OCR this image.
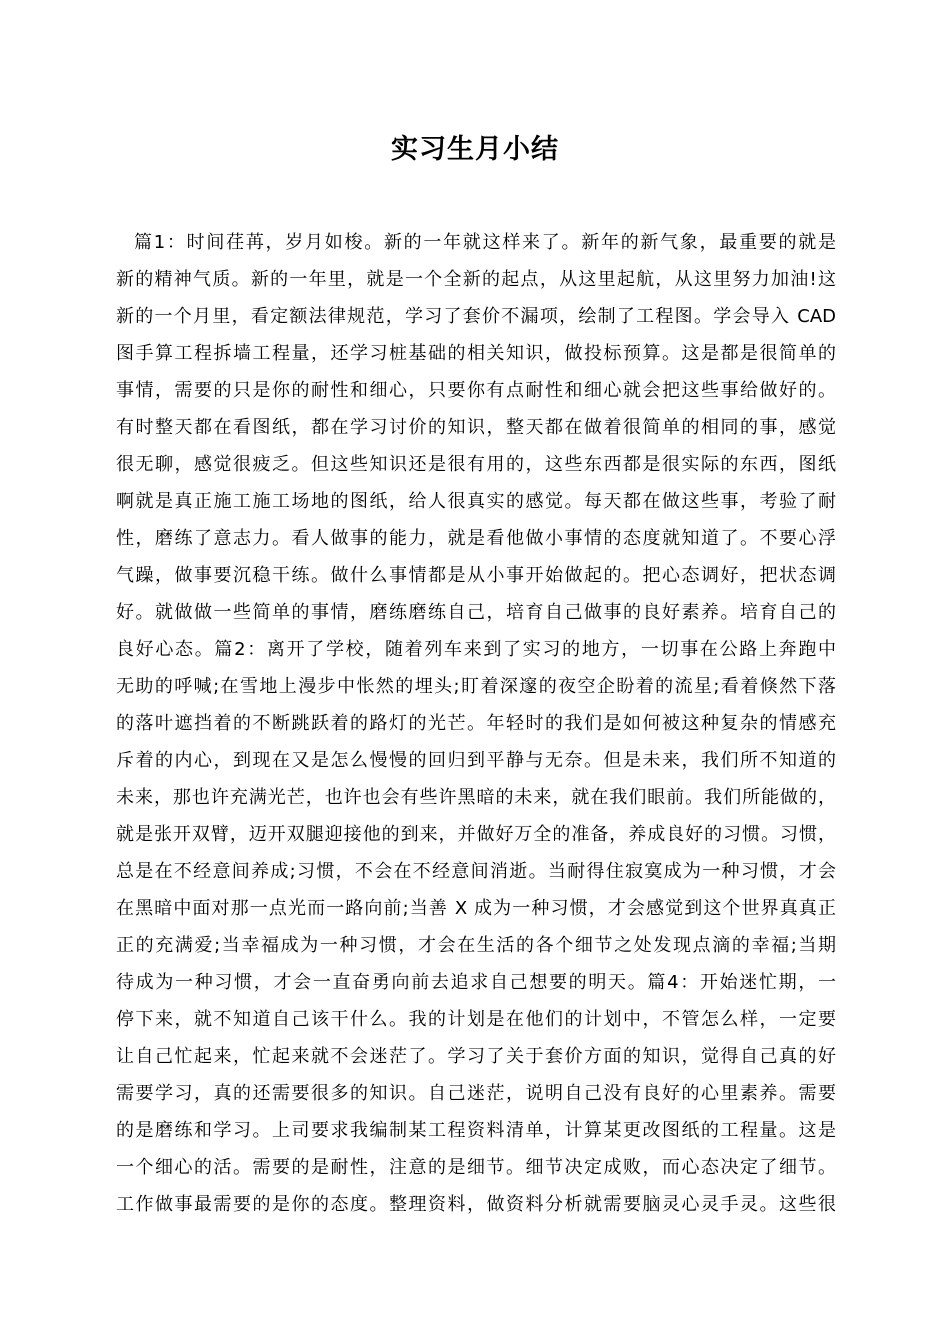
实习生月小结
篇1：时间荏苒，岁月如梭。新的一年就这样来了。新年的新气象，最重要的就是
新的精神气质。新的一年里，就是一个全新的起点，从这里起航，从这里努力加油!这
新的一个月里，看定额法律规范，学习了套价不漏项，绘制了工程图。学会导入 CAD
图手算工程拆墙工程量，还学习桩基础的相关知识，做投标预算。这是都是很简单的
事情，需要的只是你的耐性和细心，只要你有点耐性和细心就会把这些事给做好的。
有时整天都在看图纸，都在学习讨价的知识，整天都在做着很简单的相同的事，感觉
很无聊，感觉很疲乏。但这些知识还是很有用的，这些东西都是很实际的东西，图纸
啊就是真正施工施工场地的图纸，给人很真实的感觉。每天都在做这些事，考验了耐
性，磨练了意志力。看人做事的能力，就是看他做小事情的态度就知道了。不要心浮
气躁，做事要沉稳干练。做什么事情都是从小事开始做起的。把心态调好，把状态调
好。就做做一些简单的事情，磨练磨练自己，培育自己做事的良好素养。培育自己的
良好心态。篇2：离开了学校，随着列车来到了实习的地方，一切事在公路上奔跑中
无助的呼喊;在雪地上漫步中怅然的埋头;盯着深邃的夜空企盼着的流星;看着倏然下落
的落叶遮挡着的不断跳跃着的路灯的光芒。年轻时的我们是如何被这种复杂的情感充
斥着的内心，到现在又是怎么慢慢的回归到平静与无奈。但是未来，我们所不知道的
未来，那也许充满光芒，也许也会有些许黑暗的未来，就在我们眼前。我们所能做的，
就是张开双臂，迈开双腿迎接他的到来，并做好万全的准备，养成良好的习惯。习惯，
总是在不经意间养成;习惯，不会在不经意间消逝。当耐得住寂寞成为一种习惯，才会
在黑暗中面对那一点光而一路向前;当善 X 成为一种习惯，才会感觉到这个世界真真正
正的充满爱;当幸福成为一种习惯，才会在生活的各个细节之处发现点滴的幸福;当期
待成为一种习惯，才会一直奋勇向前去追求自己想要的明天。篇4：开始迷忙期，一
停下来，就不知道自己该干什么。我的计划是在他们的计划中，不管怎么样，一定要
让自己忙起来，忙起来就不会迷茫了。学习了关于套价方面的知识，觉得自己真的好
需要学习，真的还需要很多的知识。自己迷茫，说明自己没有良好的心里素养。需要
的是磨练和学习。上司要求我编制某工程资料清单，计算某更改图纸的工程量。这是
一个细心的活。需要的是耐性，注意的是细节。细节决定成败，而心态决定了细节。
工作做事最需要的是你的态度。整理资料，做资料分析就需要脑灵心灵手灵。这些很
